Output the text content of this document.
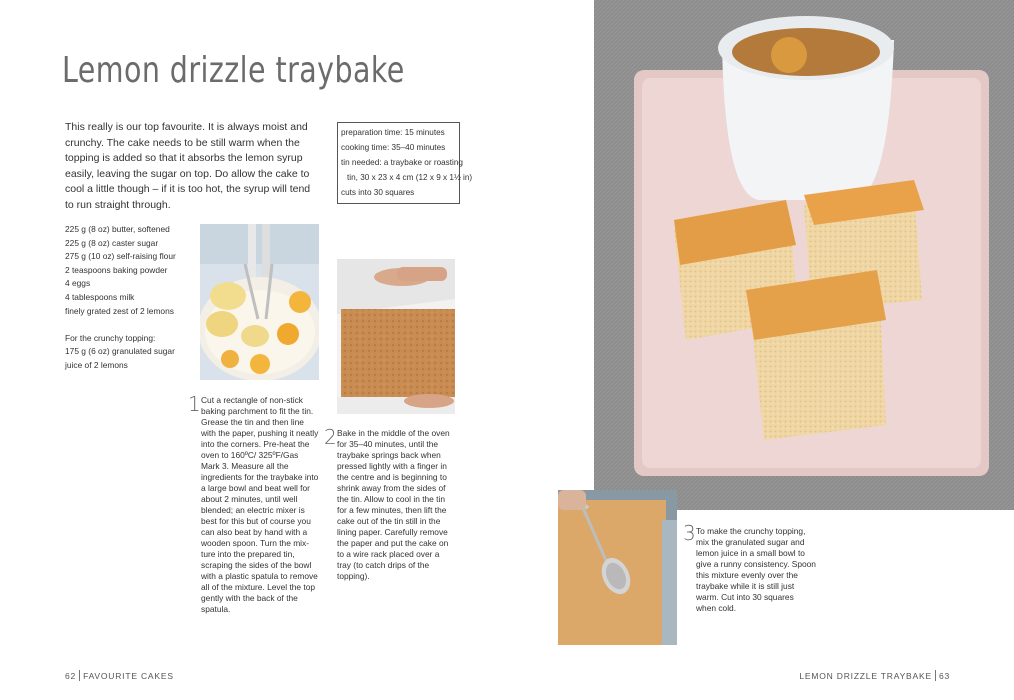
Lemon drizzle traybake
This really is our top favourite. It is always moist and crunchy. The cake needs to be still warm when the topping is added so that it absorbs the lemon syrup easily, leaving the sugar on top. Do allow the cake to cool a little though – if it is too hot, the syrup will tend to run straight through.
preparation time: 15 minutes
cooking time: 35–40 minutes
tin needed: a traybake or roasting
tin, 30 x 23 x 4 cm (12 x 9 x 1½ in)
cuts into 30 squares
225 g (8 oz) butter, softened
225 g (8 oz) caster sugar
275 g (10 oz) self-raising flour
2 teaspoons baking powder
4 eggs
4 tablespoons milk
finely grated zest of 2 lemons
For the crunchy topping:
175 g (6 oz) granulated sugar
juice of 2 lemons
1 Cut a rectangle of non-stick baking parchment to fit the tin. Grease the tin and then line with the paper, pushing it neatly into the corners. Pre-heat the oven to 160ºC/ 325ºF/Gas Mark 3. Measure all the ingredients for the traybake into a large bowl and beat well for about 2 minutes, until well blended; an electric mixer is best for this but of course you can also beat by hand with a wooden spoon. Turn the mix-ture into the prepared tin, scraping the sides of the bowl with a plastic spatula to remove all of the mixture. Level the top gently with the back of the spatula.
2 Bake in the middle of the oven for 35–40 minutes, until the traybake springs back when pressed lightly with a finger in the centre and is beginning to shrink away from the sides of the tin. Allow to cool in the tin for a few minutes, then lift the cake out of the tin still in the lining paper. Carefully remove the paper and put the cake on to a wire rack placed over a tray (to catch drips of the topping).
3 To make the crunchy topping, mix the granulated sugar and lemon juice in a small bowl to give a runny consistency. Spoon this mixture evenly over the traybake while it is still just warm. Cut into 30 squares when cold.
62 FAVOURITE CAKES	LEMON DRIZZLE TRAYBAKE 63
